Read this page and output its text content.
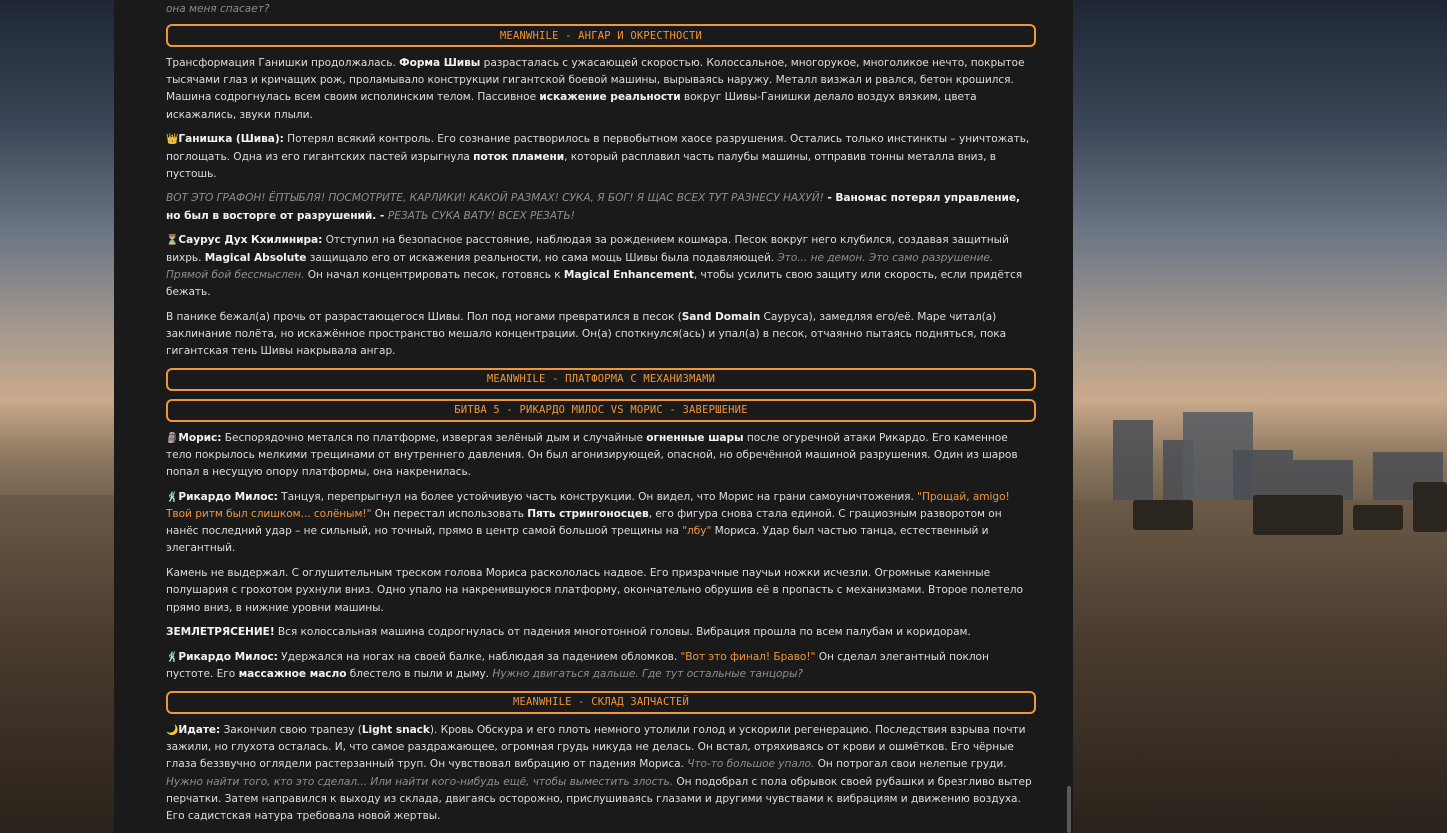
она меня спасает?
MEANWHILE - АНГАР И ОКРЕСТНОСТИ

Трансформация Ганишки продолжалась. Форма Шивы разрасталась с ужасающей скоростью. Колоссальное, многорукое, многоликое нечто, покрытое тысячами глаз и кричащих рож, проламывало конструкции гигантской боевой машины, вырываясь наружу. Металл визжал и рвался, бетон крошился. Машина содрогнулась всем своим исполинским телом. Пассивное искажение реальности вокруг Шивы-Ганишки делало воздух вязким, цвета искажались, звуки плыли.

👑Ганишка (Шива): Потерял всякий контроль. Его сознание растворилось в первобытном хаосе разрушения. Остались только инстинкты – уничтожать, поглощать. Одна из его гигантских пастей изрыгнула поток пламени, который расплавил часть палубы машины, отправив тонны металла вниз, в пустошь.

ВОТ ЭТО ГРАФОН! ЁПТЫБЛЯ! ПОСМОТРИТЕ, КАРЛИКИ! КАКОЙ РАЗМАХ! СУКА, Я БОГ! Я ЩАС ВСЕХ ТУТ РАЗНЕСУ НАХУЙ! - Ваномас потерял управление, но был в восторге от разрушений. - РЕЗАТЬ СУКА ВАТУ! ВСЕХ РЕЗАТЬ!

⏳Саурус Дух Кхилинира: Отступил на безопасное расстояние, наблюдая за рождением кошмара. Песок вокруг него клубился, создавая защитный вихрь. Magical Absolute защищало его от искажения реальности, но сама мощь Шивы была подавляющей. Это... не демон. Это само разрушение. Прямой бой бессмыслен. Он начал концентрировать песок, готовясь к Magical Enhancement, чтобы усилить свою защиту или скорость, если придётся бежать.

В панике бежал(а) прочь от разрастающегося Шивы. Пол под ногами превратился в песок (Sand Domain Сауруса), замедляя его/её. Маре читал(а) заклинание полёта, но искажённое пространство мешало концентрации. Он(а) споткнулся(ась) и упал(а) в песок, отчаянно пытаясь подняться, пока гигантская тень Шивы накрывала ангар.

MEANWHILE - ПЛАТФОРМА С МЕХАНИЗМАМИ
БИТВА 5 - РИКАРДО МИЛОС VS МОРИС - ЗАВЕРШЕНИЕ

🗿Морис: Беспорядочно метался по платформе, извергая зелёный дым и случайные огненные шары после огуречной атаки Рикардо. Его каменное тело покрылось мелкими трещинами от внутреннего давления. Он был агонизирующей, опасной, но обречённой машиной разрушения. Один из шаров попал в несущую опору платформы, она накренилась.

🕺Рикардо Милос: Танцуя, перепрыгнул на более устойчивую часть конструкции. Он видел, что Морис на грани самоуничтожения. "Прощай, amigo! Твой ритм был слишком... солёным!" Он перестал использовать Пять стрингоносцев, его фигура снова стала единой. С грациозным разворотом он нанёс последний удар – не сильный, но точный, прямо в центр самой большой трещины на "лбу" Мориса. Удар был частью танца, естественный и элегантный.

Камень не выдержал. С оглушительным треском голова Мориса раскололась надвое. Его призрачные паучьи ножки исчезли. Огромные каменные полушария с грохотом рухнули вниз. Одно упало на накренившуюся платформу, окончательно обрушив её в пропасть с механизмами. Второе полетело прямо вниз, в нижние уровни машины.

ЗЕМЛЕТРЯСЕНИЕ! Вся колоссальная машина содрогнулась от падения многотонной головы. Вибрация прошла по всем палубам и коридорам.

🕺Рикардо Милос: Удержался на ногах на своей балке, наблюдая за падением обломков. "Вот это финал! Браво!" Он сделал элегантный поклон пустоте. Его массажное масло блестело в пыли и дыму. Нужно двигаться дальше. Где тут остальные танцоры?

MEANWHILE - СКЛАД ЗАПЧАСТЕЙ

🌙Идате: Закончил свою трапезу (Light snack). Кровь Обскура и его плоть немного утолили голод и ускорили регенерацию. Последствия взрыва почти зажили, но глухота осталась. И, что самое раздражающее, огромная грудь никуда не делась. Он встал, отряхиваясь от крови и ошмётков. Его чёрные глаза беззвучно оглядели растерзанный труп. Он чувствовал вибрацию от падения Мориса. Что-то большое упало. Он потрогал свои нелепые груди. Нужно найти того, кто это сделал... Или найти кого-нибудь ещё, чтобы выместить злость. Он подобрал с пола обрывок своей рубашки и брезгливо вытер перчатки. Затем направился к выходу из склада, двигаясь осторожно, прислушиваясь глазами и другими чувствами к вибрациям и движению воздуха. Его садистская натура требовала новой жертвы.
